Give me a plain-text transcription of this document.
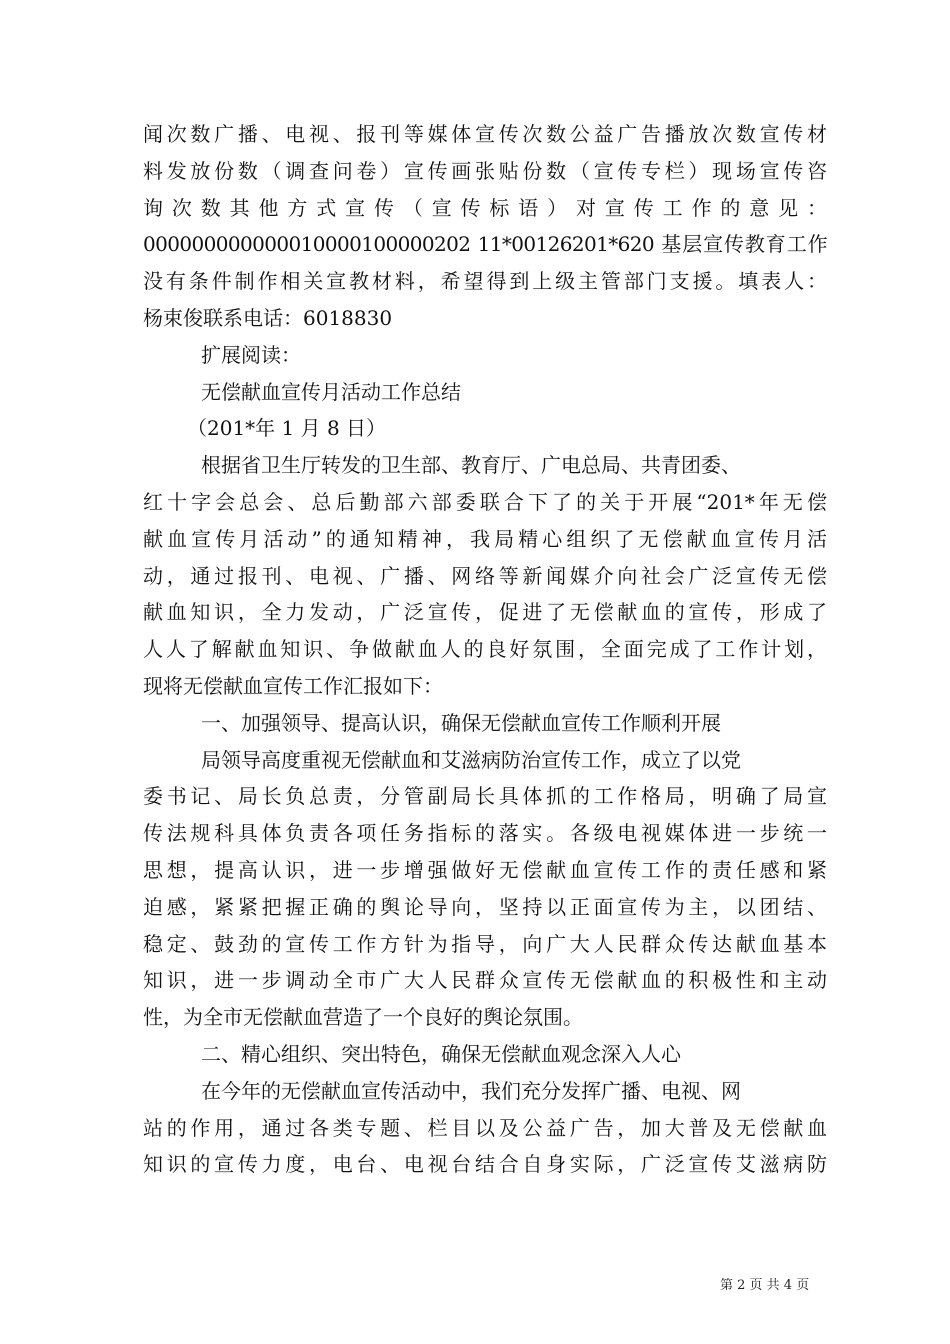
闻次数广播、电视、报刊等媒体宣传次数公益广告播放次数宣传材
料发放份数（调查问卷）宣传画张贴份数（宣传专栏）现场宣传咨
询次数其他方式宣传（宣传标语）对宣传工作的意见：
000000000000010000100000202 11*00126201*620 基层宣传教育工作
没有条件制作相关宣教材料，希望得到上级主管部门支援。填表人：
杨束俊联系电话：6018830
扩展阅读：
无偿献血宣传月活动工作总结
（201*年 1 月 8 日）
根据省卫生厅转发的卫生部、教育厅、广电总局、共青团委、
红十字会总会、总后勤部六部委联合下了的关于开展“201*年无偿
献血宣传月活动”的通知精神，我局精心组织了无偿献血宣传月活
动，通过报刊、电视、广播、网络等新闻媒介向社会广泛宣传无偿
献血知识，全力发动，广泛宣传，促进了无偿献血的宣传，形成了
人人了解献血知识、争做献血人的良好氛围，全面完成了工作计划，
现将无偿献血宣传工作汇报如下：
一、加强领导、提高认识，确保无偿献血宣传工作顺利开展
局领导高度重视无偿献血和艾滋病防治宣传工作，成立了以党
委书记、局长负总责，分管副局长具体抓的工作格局，明确了局宣
传法规科具体负责各项任务指标的落实。各级电视媒体进一步统一
思想，提高认识，进一步增强做好无偿献血宣传工作的责任感和紧
迫感，紧紧把握正确的舆论导向，坚持以正面宣传为主，以团结、
稳定、鼓劲的宣传工作方针为指导，向广大人民群众传达献血基本
知识，进一步调动全市广大人民群众宣传无偿献血的积极性和主动
性，为全市无偿献血营造了一个良好的舆论氛围。
二、精心组织、突出特色，确保无偿献血观念深入人心
在今年的无偿献血宣传活动中，我们充分发挥广播、电视、网
站的作用，通过各类专题、栏目以及公益广告，加大普及无偿献血
知识的宣传力度，电台、电视台结合自身实际，广泛宣传艾滋病防
第 2 页 共 4 页
